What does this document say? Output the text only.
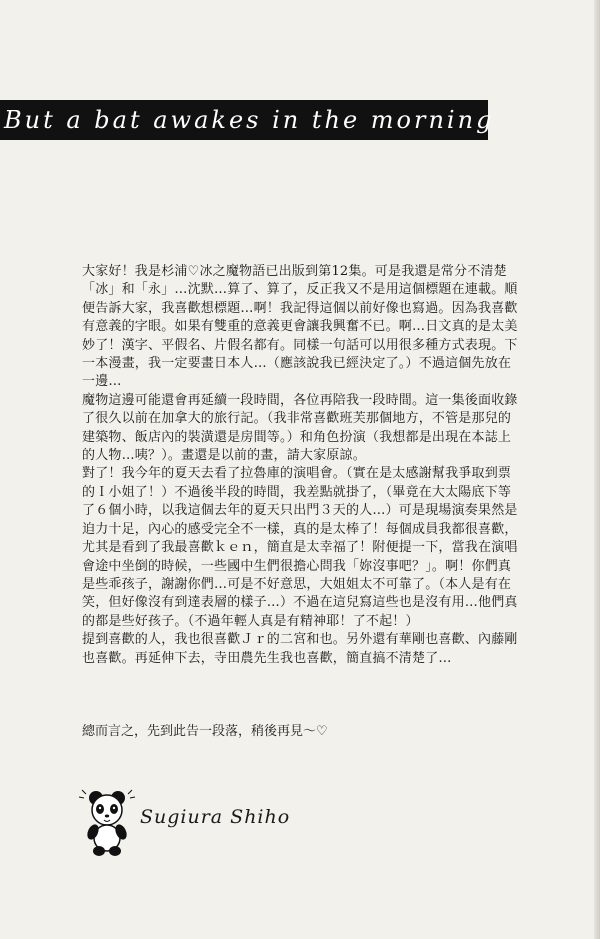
But a bat awakes in the morning

大家好！我是杉浦♡冰之魔物語已出版到第12集。可是我還是常分不清楚「冰」和「永」…沈默…算了、算了，反正我又不是用這個標題在連載。順便告訴大家，我喜歡想標題…啊！我記得這個以前好像也寫過。因為我喜歡有意義的字眼。如果有雙重的意義更會讓我興奮不已。啊…日文真的是太美妙了！漢字、平假名、片假名都有。同樣一句話可以用很多種方式表現。下一本漫畫，我一定要畫日本人…（應該說我已經決定了。）不過這個先放在一邊…

魔物這邊可能還會再延續一段時間，各位再陪我一段時間。這一集後面收錄了很久以前在加拿大的旅行記。（我非常喜歡班芙那個地方，不管是那兒的建築物、飯店內的裝潢還是房間等。）和角色扮演（我想都是出現在本誌上的人物…咦？）。畫還是以前的畫，請大家原諒。

對了！我今年的夏天去看了拉魯庫的演唱會。（實在是太感謝幫我爭取到票的Ｉ小姐了！）不過後半段的時間，我差點就掛了，（畢竟在大太陽底下等了６個小時，以我這個去年的夏天只出門３天的人…）可是現場演奏果然是迫力十足，內心的感受完全不一樣，真的是太棒了！每個成員我都很喜歡，尤其是看到了我最喜歡ｋｅｎ，簡直是太幸福了！附便提一下，當我在演唱會途中坐倒的時候，一些國中生們很擔心問我「妳沒事吧？」。啊！你們真是些乖孩子，謝謝你們…可是不好意思，大姐姐太不可靠了。（本人是有在笑，但好像沒有到達表層的樣子…）不過在這兒寫這些也是沒有用…他們真的都是些好孩子。（不過年輕人真是有精神耶！了不起！）

提到喜歡的人，我也很喜歡Ｊｒ的二宮和也。另外還有華剛也喜歡、內藤剛也喜歡。再延伸下去，寺田農先生我也喜歡，簡直搞不清楚了…

總而言之，先到此告一段落，稍後再見～♡
Sugiura Shiho
